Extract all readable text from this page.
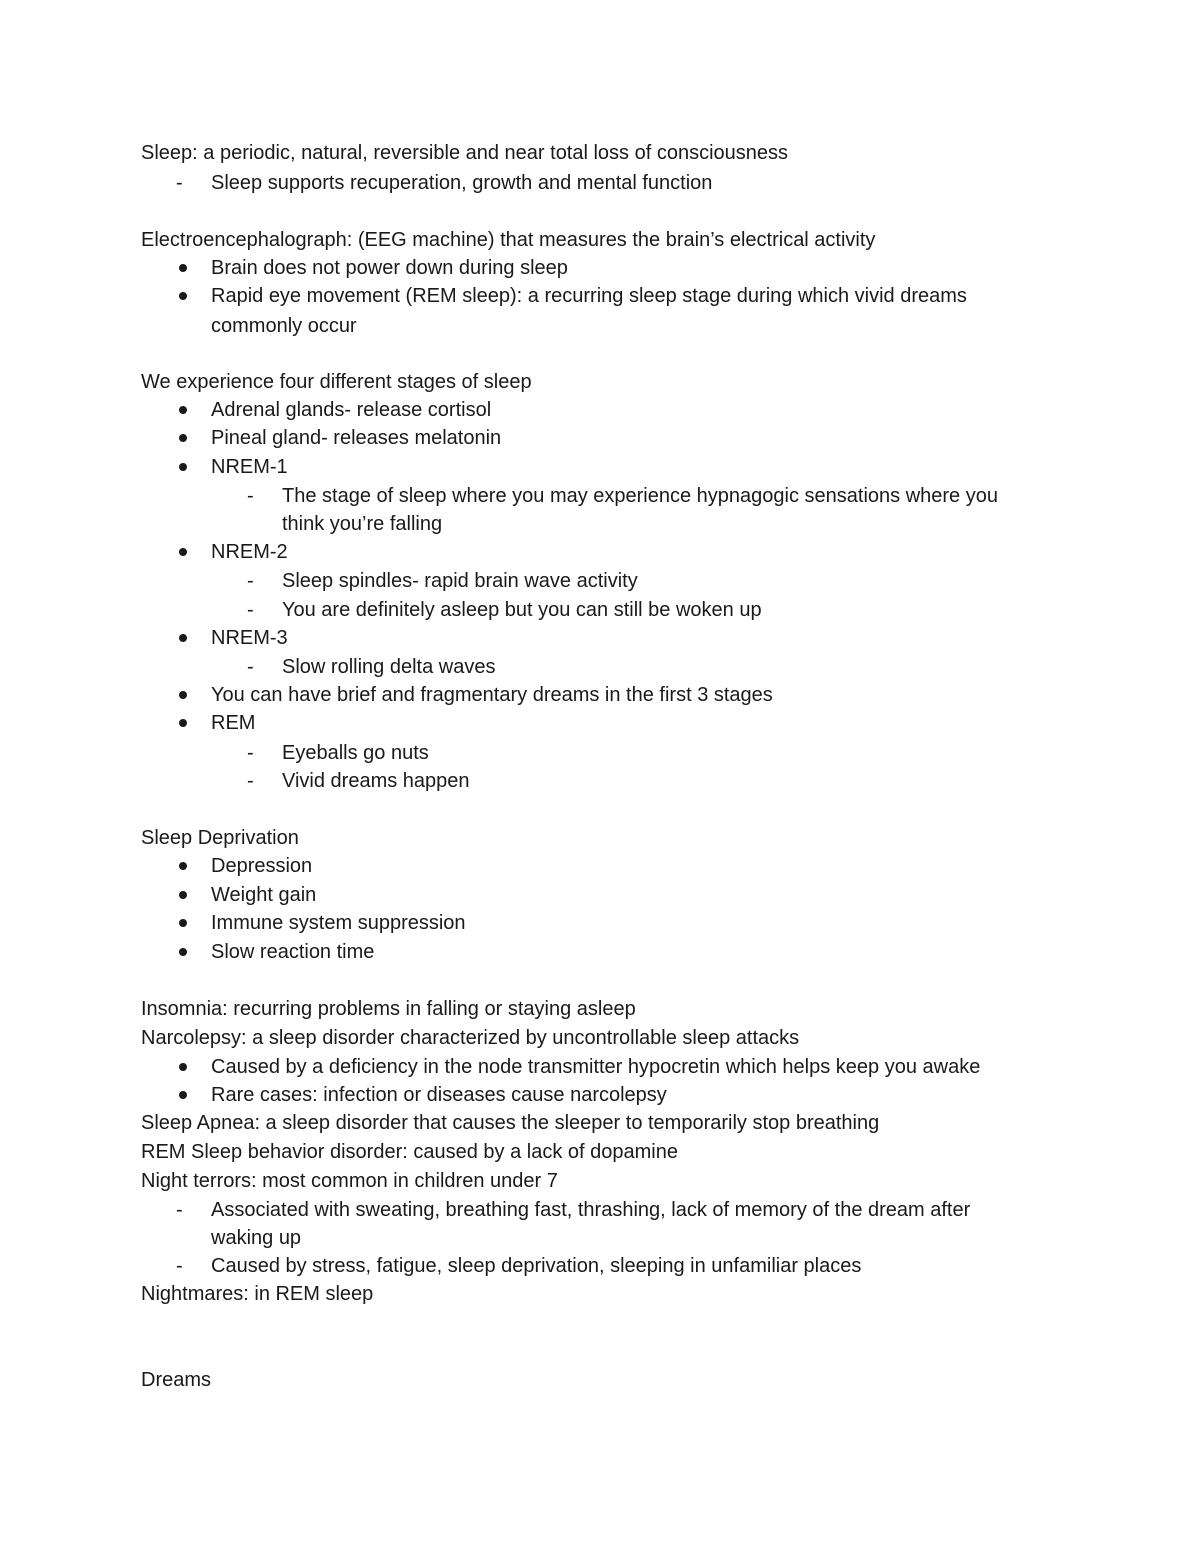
Sleep: a periodic, natural, reversible and near total loss of consciousness
- Sleep supports recuperation, growth and mental function
Electroencephalograph: (EEG machine) that measures the brain’s electrical activity
Brain does not power down during sleep
Rapid eye movement (REM sleep): a recurring sleep stage during which vivid dreams
commonly occur
We experience four different stages of sleep
Adrenal glands- release cortisol
Pineal gland- releases melatonin
NREM-1
- The stage of sleep where you may experience hypnagogic sensations where you
think you’re falling
NREM-2
- Sleep spindles- rapid brain wave activity
- You are definitely asleep but you can still be woken up
NREM-3
- Slow rolling delta waves
You can have brief and fragmentary dreams in the first 3 stages
REM
- Eyeballs go nuts
- Vivid dreams happen
Sleep Deprivation
Depression
Weight gain
Immune system suppression
Slow reaction time
Insomnia: recurring problems in falling or staying asleep
Narcolepsy: a sleep disorder characterized by uncontrollable sleep attacks
Caused by a deficiency in the node transmitter hypocretin which helps keep you awake
Rare cases: infection or diseases cause narcolepsy
Sleep Apnea: a sleep disorder that causes the sleeper to temporarily stop breathing
REM Sleep behavior disorder: caused by a lack of dopamine
Night terrors: most common in children under 7
- Associated with sweating, breathing fast, thrashing, lack of memory of the dream after
waking up
- Caused by stress, fatigue, sleep deprivation, sleeping in unfamiliar places
Nightmares: in REM sleep
Dreams
